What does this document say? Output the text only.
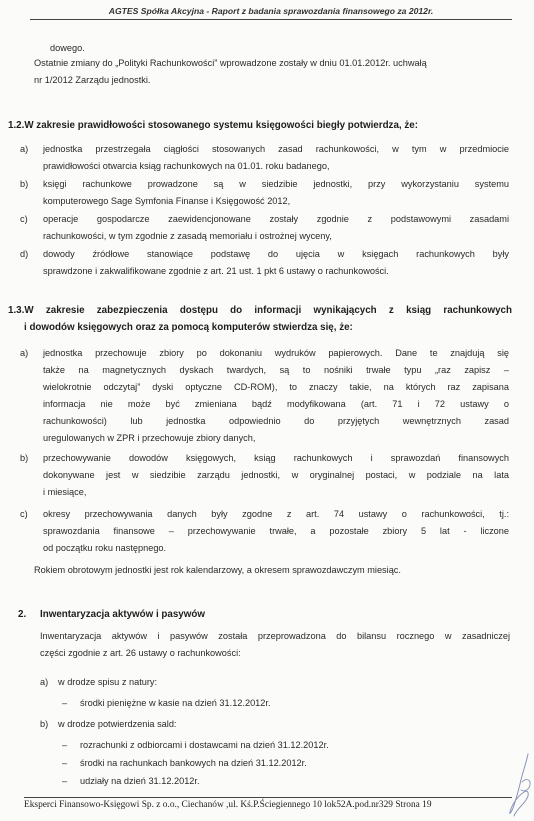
AGTES Spółka Akcyjna - Raport z badania sprawozdania finansowego za 2012r.
dowego.
Ostatnie zmiany do „Polityki Rachunkowości” wprowadzone zostały w dniu 01.01.2012r. uchwałą
nr 1/2012 Zarządu jednostki.
1.2.W zakresie prawidłowości stosowanego systemu księgowości biegły potwierdza, że:
a) jednostka przestrzegała ciągłości stosowanych zasad rachunkowości, w tym w przedmiocie
prawidłowości otwarcia ksiąg rachunkowych na 01.01. roku badanego,
b) księgi rachunkowe prowadzone są w siedzibie jednostki, przy wykorzystaniu systemu
komputerowego Sage Symfonia Finanse i Księgowość 2012,
c) operacje gospodarcze zaewidencjonowane zostały zgodnie z podstawowymi zasadami
rachunkowości, w tym zgodnie z zasadą memoriału i ostrożnej wyceny,
d) dowody źródłowe stanowiące podstawę do ujęcia w księgach rachunkowych były
sprawdzone i zakwalifikowane zgodnie z art. 21 ust. 1 pkt 6 ustawy o rachunkowości.
1.3.W zakresie zabezpieczenia dostępu do informacji wynikających z ksiąg rachunkowych
i dowodów księgowych oraz za pomocą komputerów stwierdza się, że:
a) jednostka przechowuje zbiory po dokonaniu wydruków papierowych. Dane te znajdują się
także na magnetycznych dyskach twardych, są to nośniki trwałe typu „raz zapisz –
wielokrotnie odczytaj” dyski optyczne CD-ROM), to znaczy takie, na których raz zapisana
informacja nie może być zmieniana bądź modyfikowana (art. 71 i 72 ustawy o
rachunkowości) lub jednostka odpowiednio do przyjętych wewnętrznych zasad
uregulowanych w ZPR i przechowuje zbiory danych,
b) przechowywanie dowodów księgowych, ksiąg rachunkowych i sprawozdań finansowych
dokonywane jest w siedzibie zarządu jednostki, w oryginalnej postaci, w podziale na lata
i miesiące,
c) okresy przechowywania danych były zgodne z art. 74 ustawy o rachunkowości, tj.:
sprawozdania finansowe – przechowywanie trwałe, a pozostałe zbiory 5 lat - liczone
od początku roku następnego.
Rokiem obrotowym jednostki jest rok kalendarzowy, a okresem sprawozdawczym miesiąc.
2. Inwentaryzacja aktywów i pasywów
Inwentaryzacja aktywów i pasywów została przeprowadzona do bilansu rocznego w zasadniczej
części zgodnie z art. 26 ustawy o rachunkowości:
a) w drodze spisu z natury:
– środki pieniężne w kasie na dzień 31.12.2012r.
b) w drodze potwierdzenia sald:
– rozrachunki z odbiorcami i dostawcami na dzień 31.12.2012r.
– środki na rachunkach bankowych na dzień 31.12.2012r.
– udziały na dzień 31.12.2012r.
Eksperci Finansowo-Księgowi Sp. z o.o., Ciechanów ,ul. Kś.P.Ściegiennego 10 lok52A.pod.nr329 Strona 19
